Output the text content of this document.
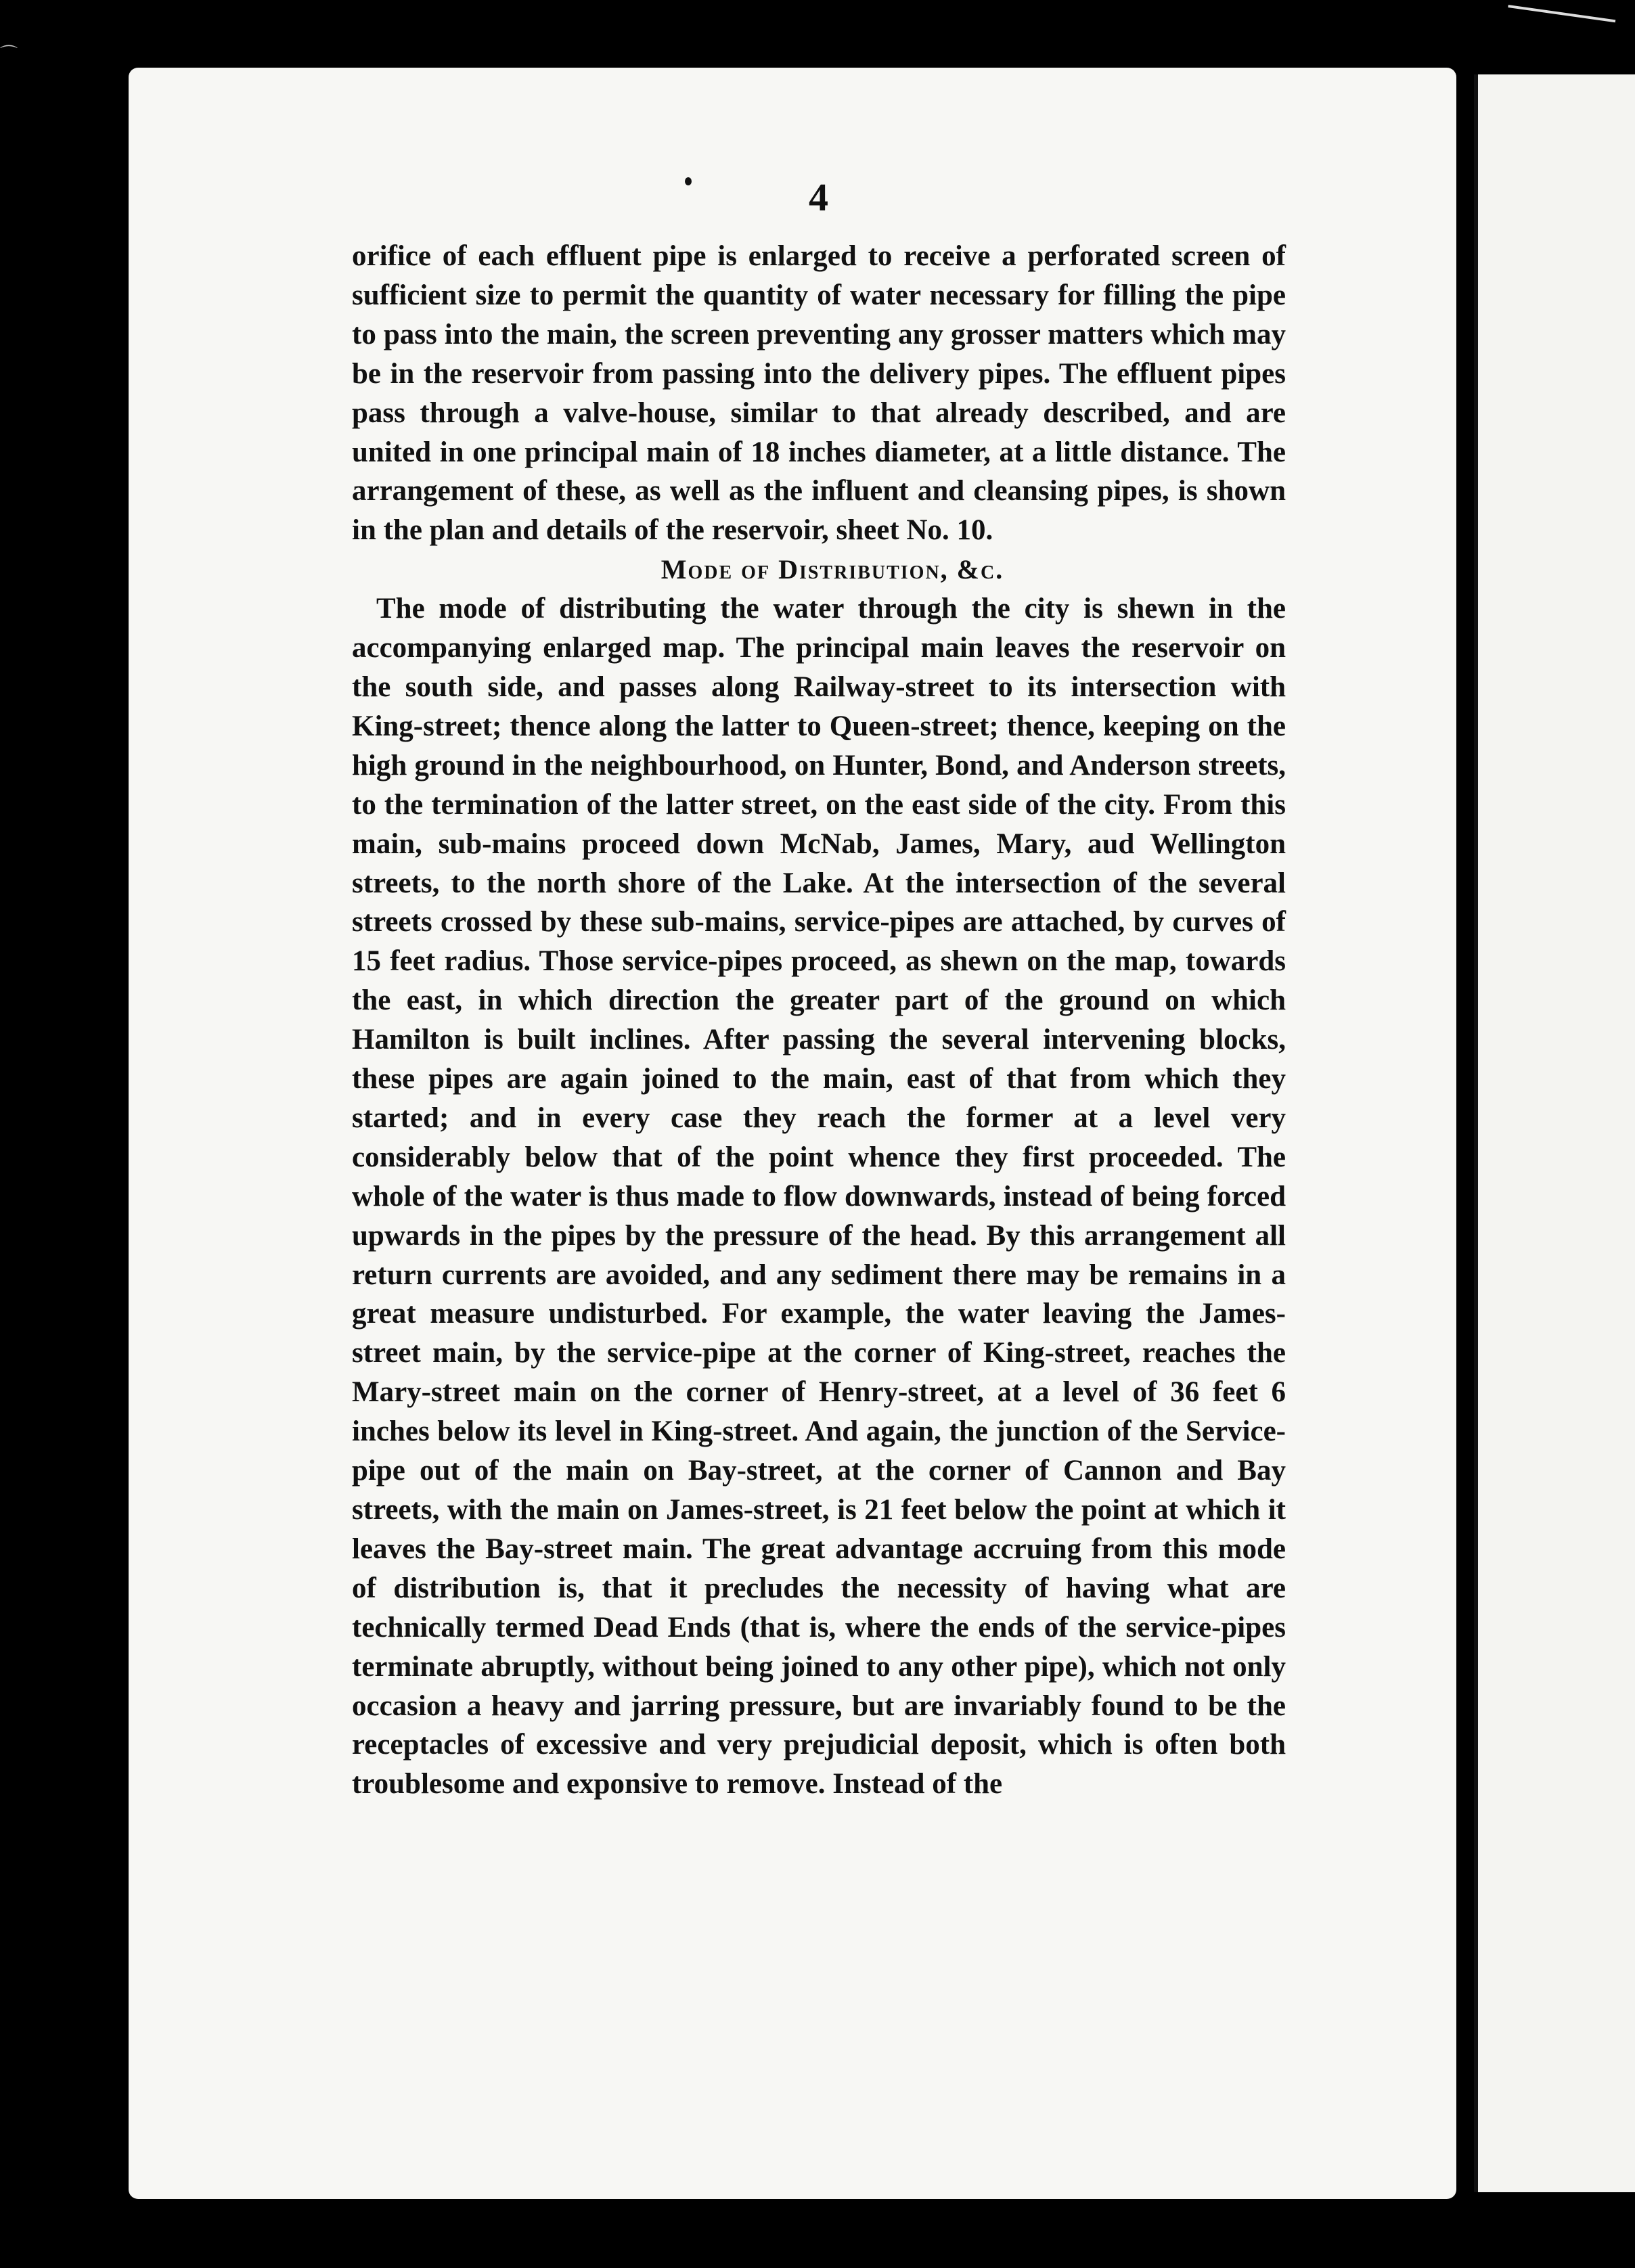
⌒

4

orifice of each effluent pipe is enlarged to receive a perforated screen of sufficient size to permit the quantity of water necessary for filling the pipe to pass into the main, the screen preventing any grosser matters which may be in the reservoir from passing into the delivery pipes. The effluent pipes pass through a valve-house, similar to that already described, and are united in one principal main of 18 inches diameter, at a little distance. The arrangement of these, as well as the influent and cleansing pipes, is shown in the plan and details of the reservoir, sheet No. 10.

Mode of Distribution, &c.

The mode of distributing the water through the city is shewn in the accompanying enlarged map. The principal main leaves the reservoir on the south side, and passes along Railway-street to its intersection with King-street; thence along the latter to Queen-street; thence, keeping on the high ground in the neighbourhood, on Hunter, Bond, and Anderson streets, to the termination of the latter street, on the east side of the city. From this main, sub-mains proceed down McNab, James, Mary, aud Wellington streets, to the north shore of the Lake. At the intersection of the several streets crossed by these sub-mains, service-pipes are attached, by curves of 15 feet radius. Those service-pipes proceed, as shewn on the map, towards the east, in which direction the greater part of the ground on which Hamilton is built inclines. After passing the several intervening blocks, these pipes are again joined to the main, east of that from which they started; and in every case they reach the former at a level very considerably below that of the point whence they first proceeded. The whole of the water is thus made to flow downwards, instead of being forced upwards in the pipes by the pressure of the head. By this arrangement all return currents are avoided, and any sediment there may be remains in a great measure undisturbed. For example, the water leaving the James-street main, by the service-pipe at the corner of King-street, reaches the Mary-street main on the corner of Henry-street, at a level of 36 feet 6 inches below its level in King-street. And again, the junction of the Service-pipe out of the main on Bay-street, at the corner of Cannon and Bay streets, with the main on James-street, is 21 feet below the point at which it leaves the Bay-street main. The great advantage accruing from this mode of distribution is, that it precludes the necessity of having what are technically termed Dead Ends (that is, where the ends of the service-pipes terminate abruptly, without being joined to any other pipe), which not only occasion a heavy and jarring pressure, but are invariably found to be the receptacles of excessive and very prejudicial deposit, which is often both troublesome and exponsive to remove. Instead of the
